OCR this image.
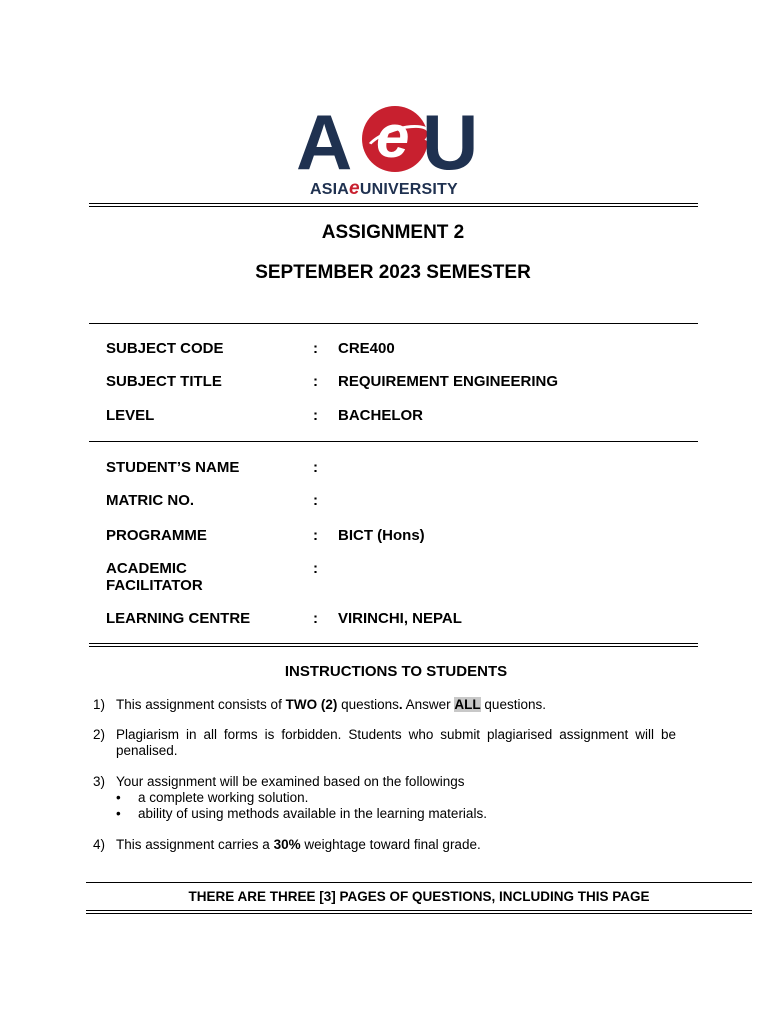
A e U
ASIAeUNIVERSITY
ASSIGNMENT 2
SEPTEMBER 2023 SEMESTER
SUBJECT CODE	: CRE400
SUBJECT TITLE	: REQUIREMENT ENGINEERING
LEVEL	: BACHELOR
STUDENT’S NAME	:
MATRIC NO.	:
PROGRAMME	: BICT (Hons)
ACADEMIC
FACILITATOR
:
LEARNING CENTRE	: VIRINCHI, NEPAL
INSTRUCTIONS TO STUDENTS
1) This assignment consists of TWO (2) questions. Answer ALL questions.
2) Plagiarism in all forms is forbidden. Students who submit plagiarised assignment will be penalised.
3) Your assignment will be examined based on the followings
• a complete working solution.
• ability of using methods available in the learning materials.
4) This assignment carries a 30% weightage toward final grade.
THERE ARE THREE [3] PAGES OF QUESTIONS, INCLUDING THIS PAGE
